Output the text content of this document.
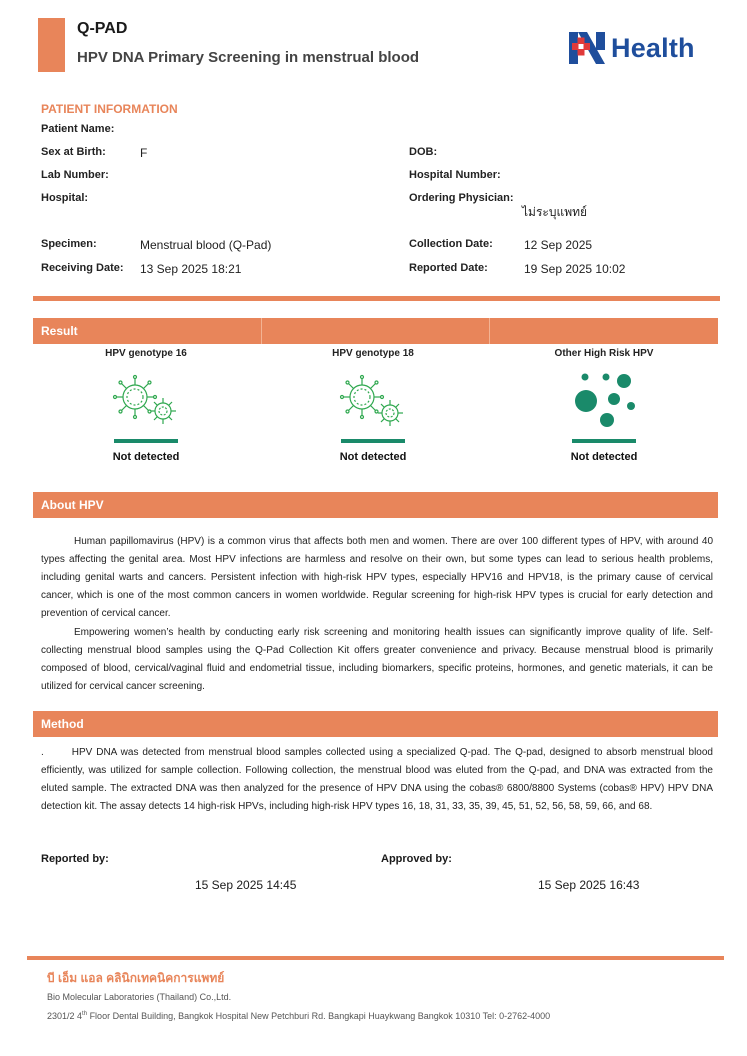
Q-PAD
HPV DNA Primary Screening in menstrual blood	Health
PATIENT INFORMATION
Patient Name:
Sex at Birth:	F	DOB:
Lab Number:	Hospital Number:
Hospital:	Ordering Physician:
ไม่ระบุแพทย์
Specimen:	Menstrual blood (Q-Pad)	Collection Date:	12 Sep 2025
Receiving Date: 13 Sep 2025 18:21	Reported Date:	19 Sep 2025 10:02
Result
HPV genotype 16
Not detected
HPV genotype 18
Not detected
Other High Risk HPV
Not detected
About HPV
Human papillomavirus (HPV) is a common virus that affects both men and women. There are over 100 different types of HPV, with around 40 types affecting the genital area. Most HPV infections are harmless and resolve on their own, but some types can lead to serious health problems, including genital warts and cancers. Persistent infection with high-risk HPV types, especially HPV16 and HPV18, is the primary cause of cervical cancer, which is one of the most common cancers in women worldwide. Regular screening for high-risk HPV types is crucial for early detection and prevention of cervical cancer.
Empowering women’s health by conducting early risk screening and monitoring health issues can significantly improve quality of life. Self-collecting menstrual blood samples using the Q-Pad Collection Kit offers greater convenience and privacy. Because menstrual blood is primarily composed of blood, cervical/vaginal fluid and endometrial tissue, including biomarkers, specific proteins, hormones, and genetic materials, it can be utilized for cervical cancer screening.
Method
.	HPV DNA was detected from menstrual blood samples collected using a specialized Q-pad. The Q-pad, designed to absorb menstrual blood efficiently, was utilized for sample collection. Following collection, the menstrual blood was eluted from the Q-pad, and DNA was extracted from the eluted sample. The extracted DNA was then analyzed for the presence of HPV DNA using the cobas® 6800/8800 Systems (cobas® HPV) HPV DNA detection kit. The assay detects 14 high-risk HPVs, including high-risk HPV types 16, 18, 31, 33, 35, 39, 45, 51, 52, 56, 58, 59, 66, and 68.
Reported by:
15 Sep 2025 14:45
Approved by:
15 Sep 2025 16:43
บี เอ็ม แอล คลินิกเทคนิคการแพทย์
Bio Molecular Laboratories (Thailand) Co.,Ltd.
2301/2 4th Floor Dental Building, Bangkok Hospital New Petchburi Rd. Bangkapi Huaykwang Bangkok 10310 Tel: 0-2762-4000
